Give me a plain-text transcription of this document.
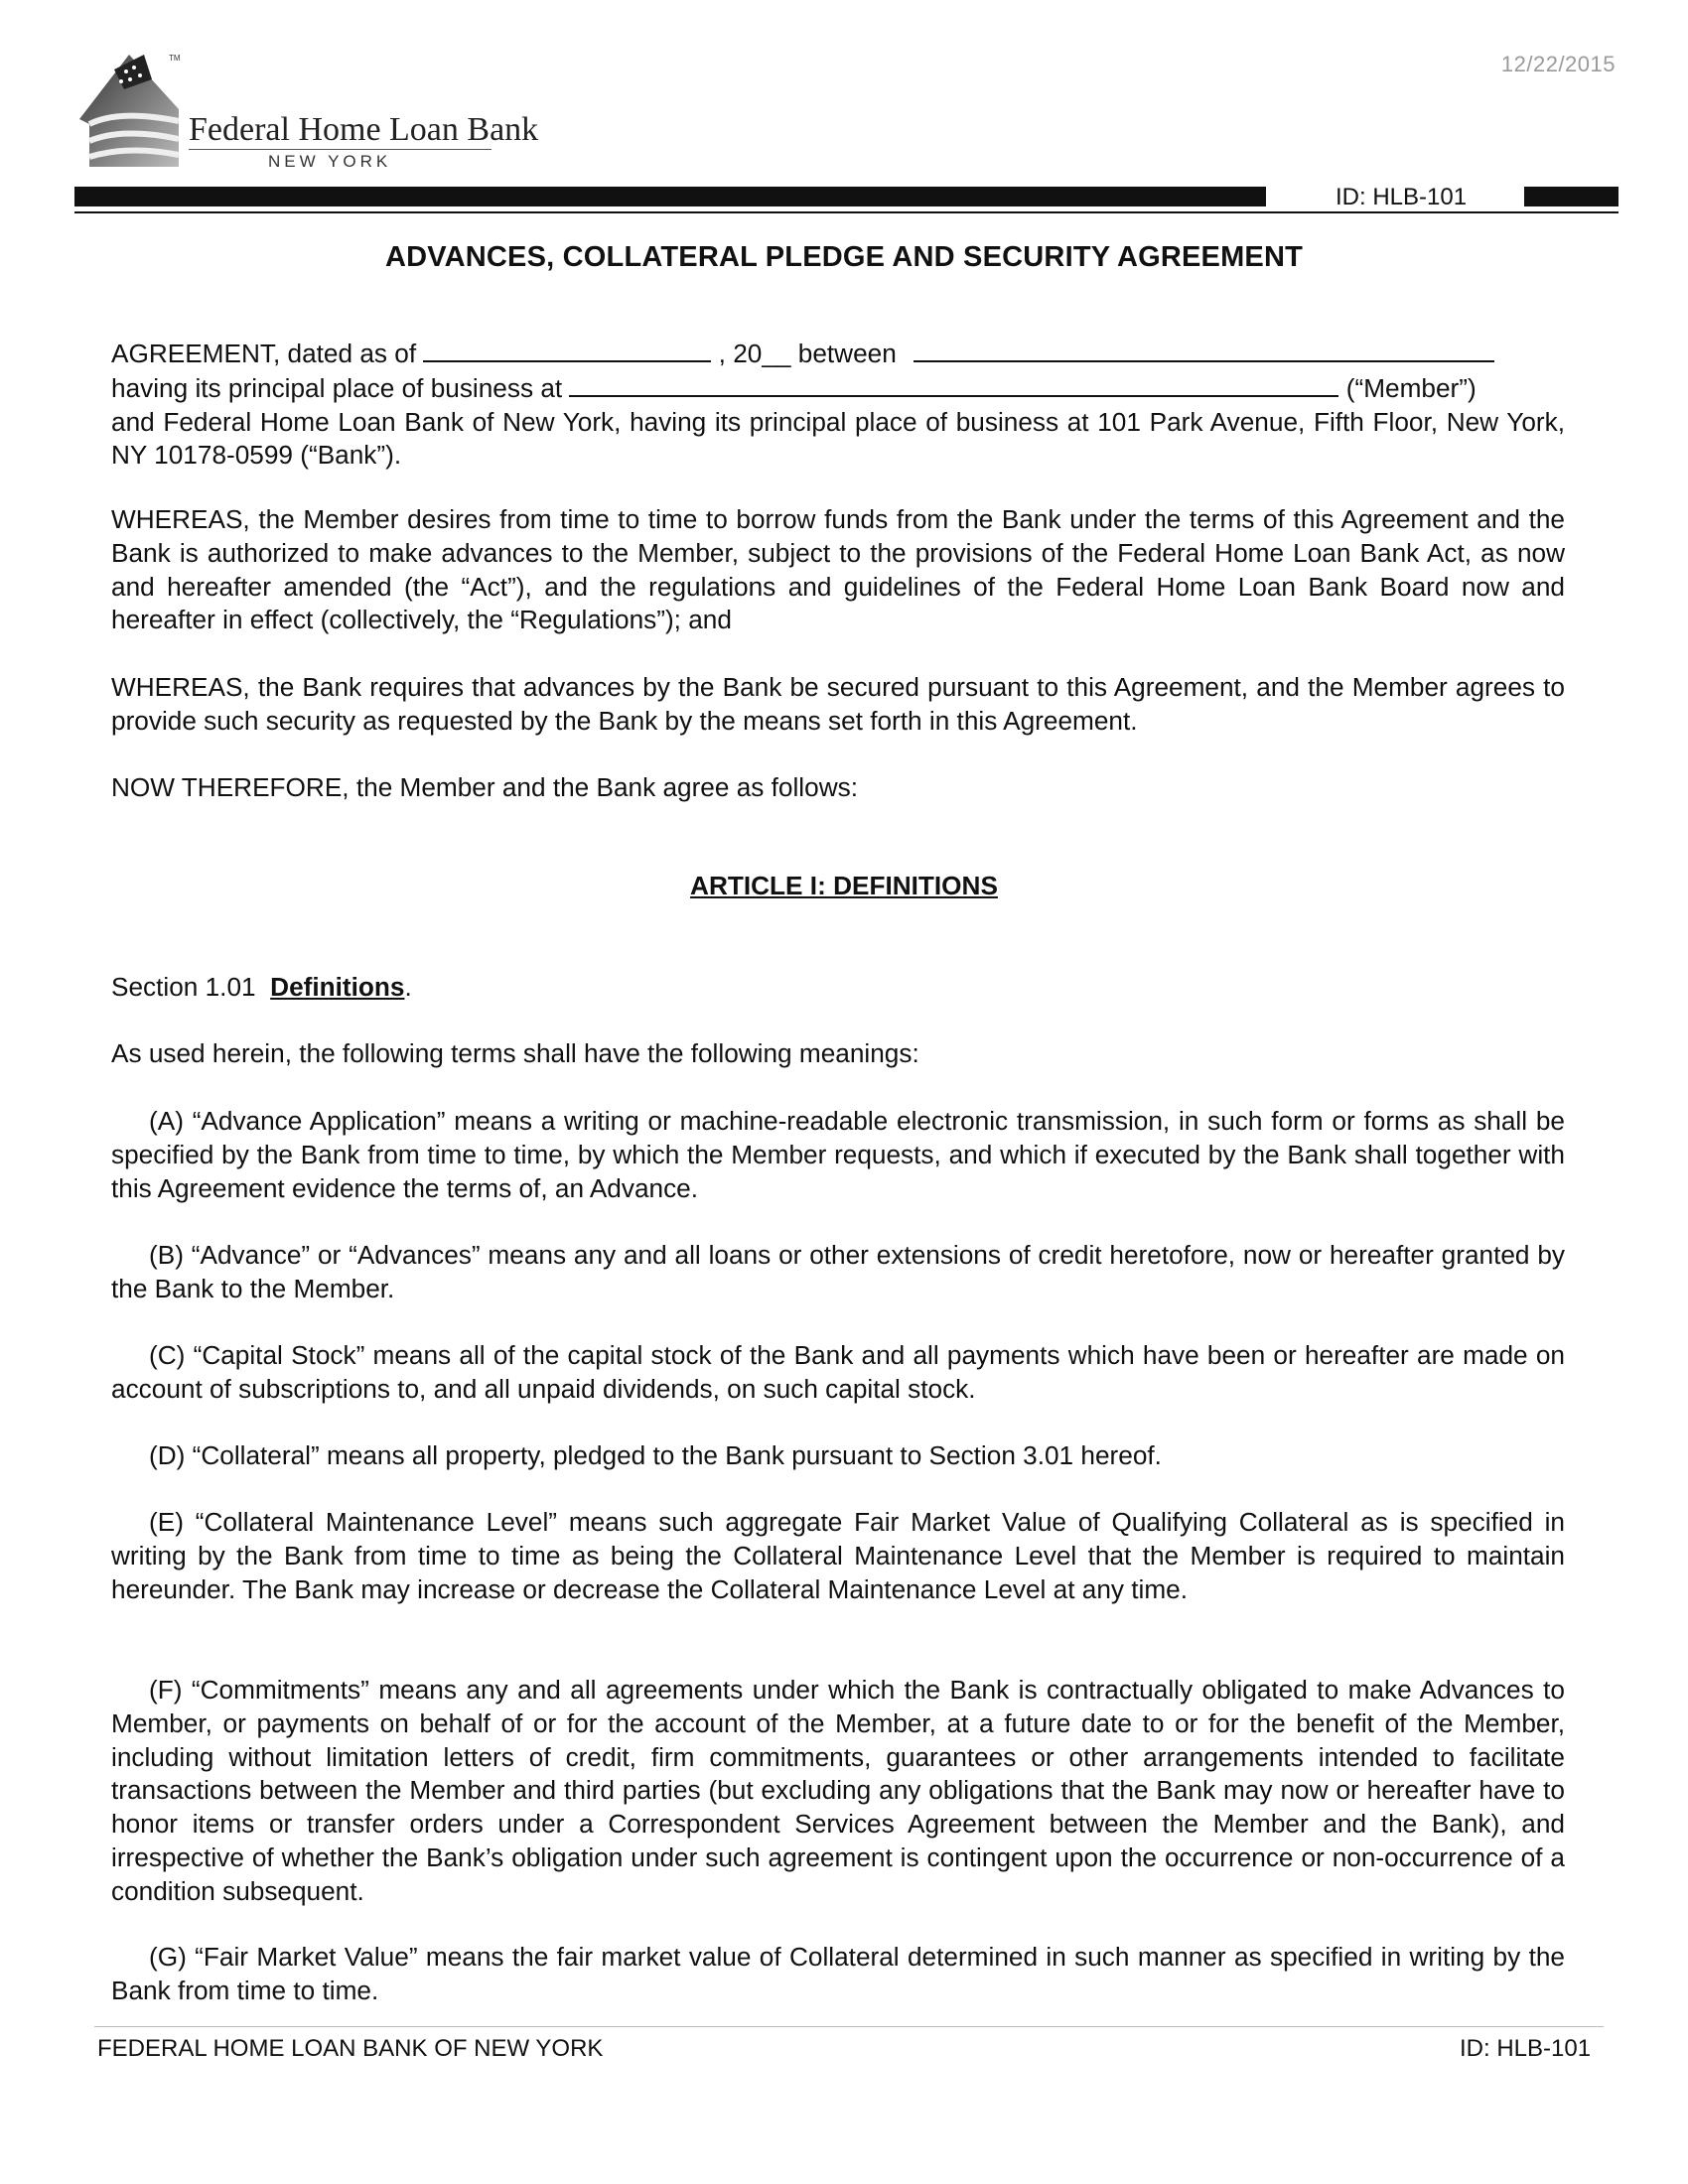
12/22/2015
TM
Federal Home Loan Bank
NEW YORK
ID: HLB-101
ADVANCES, COLLATERAL PLEDGE AND SECURITY AGREEMENT
AGREEMENT, dated as of	, 20__ between
having its principal place of business at	(“Member”)

and Federal Home Loan Bank of New York, having its principal place of business at 101 Park Avenue, Fifth Floor, New York, NY 10178-0599 (“Bank”).

WHEREAS, the Member desires from time to time to borrow funds from the Bank under the terms of this Agreement and the Bank is authorized to make advances to the Member, subject to the provisions of the Federal Home Loan Bank Act, as now and hereafter amended (the “Act”), and the regulations and guidelines of the Federal Home Loan Bank Board now and hereafter in effect (collectively, the “Regulations”); and

WHEREAS, the Bank requires that advances by the Bank be secured pursuant to this Agreement, and the Member agrees to provide such security as requested by the Bank by the means set forth in this Agreement.

NOW THEREFORE, the Member and the Bank agree as follows:

ARTICLE I: DEFINITIONS
Section 1.01 Definitions.

As used herein, the following terms shall have the following meanings:

(A) “Advance Application” means a writing or machine-readable electronic transmission, in such form or forms as shall be specified by the Bank from time to time, by which the Member requests, and which if executed by the Bank shall together with this Agreement evidence the terms of, an Advance.

(B) “Advance” or “Advances” means any and all loans or other extensions of credit heretofore, now or hereafter granted by the Bank to the Member.

(C) “Capital Stock” means all of the capital stock of the Bank and all payments which have been or hereafter are made on account of subscriptions to, and all unpaid dividends, on such capital stock.

(D) “Collateral” means all property, pledged to the Bank pursuant to Section 3.01 hereof.

(E) “Collateral Maintenance Level” means such aggregate Fair Market Value of Qualifying Collateral as is specified in writing by the Bank from time to time as being the Collateral Maintenance Level that the Member is required to maintain hereunder. The Bank may increase or decrease the Collateral Maintenance Level at any time.

(F) “Commitments” means any and all agreements under which the Bank is contractually obligated to make Advances to Member, or payments on behalf of or for the account of the Member, at a future date to or for the benefit of the Member, including without limitation letters of credit, firm commitments, guarantees or other arrangements intended to facilitate transactions between the Member and third parties (but excluding any obligations that the Bank may now or hereafter have to honor items or transfer orders under a Correspondent Services Agreement between the Member and the Bank), and irrespective of whether the Bank’s obligation under such agreement is contingent upon the occurrence or non-occurrence of a condition subsequent.

(G) “Fair Market Value” means the fair market value of Collateral determined in such manner as specified in writing by the Bank from time to time.

FEDERAL HOME LOAN BANK OF NEW YORK	ID: HLB-101
